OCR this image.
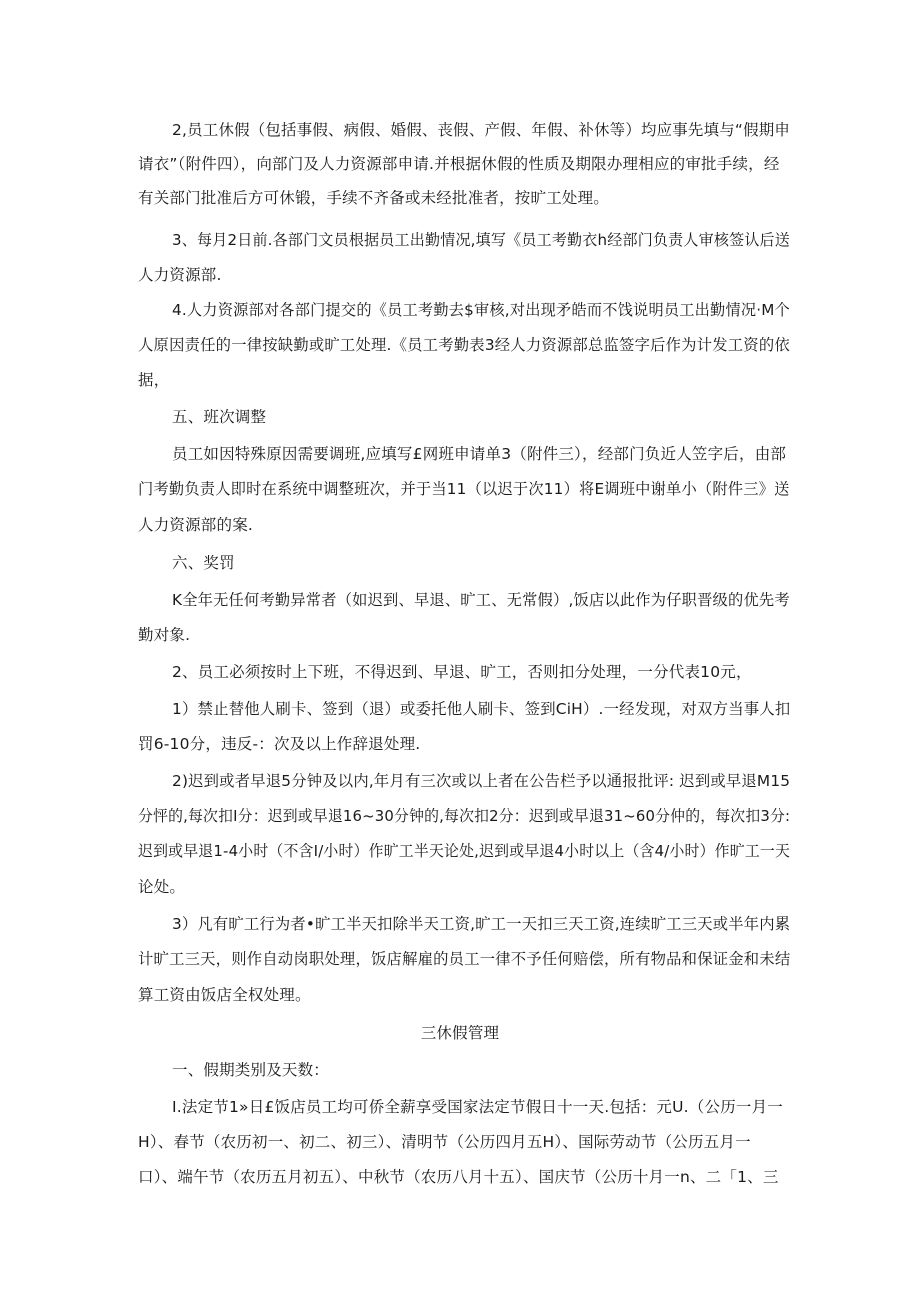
2,员工休假（包括事假、病假、婚假、丧假、产假、年假、补休等）均应事先填与“假期申
请衣”（附件四），向部门及人力资源部申请.并根据休假的性质及期限办理相应的审批手续，经
有关部门批准后方可休锻，手续不齐备或未经批准者，按旷工处理。
3、每月2日前.各部门文员根据员工出勤情况,填写《员工考勤衣h经部门负责人审核签认后送
人力资源部.
4.人力资源部对各部门提交的《员工考勤去$审核,对出现矛皓而不饯说明员工出勤情况·M个
人原因责任的一律按缺勤或旷工处理.《员工考勤表3经人力资源部总监签字后作为计发工资的依
据，
五、班次调整
员工如因特殊原因需要调班,应填写£网班申请单3（附件三），经部门负近人笠字后，由部
门考勤负责人即时在系统中调整班次，并于当11（以迟于次11）将E调班中谢单小（附件三》送
人力资源部的案.
六、奖罚
K全年无任何考勤异常者（如迟到、早退、旷工、无常假）,饭店以此作为仔职晋级的优先考
勤对象.
2、员工必须按时上下班，不得迟到、早退、旷工，否则扣分处理，一分代表10元，
1）禁止替他人刷卡、签到（退）或委托他人刷卡、签到CiH）.一经发现，对双方当事人扣
罚6-10分，违反-：次及以上作辞退处理.
2)迟到或者早退5分钟及以内,年月有三次或以上者在公告栏予以通报批评: 迟到或早退M15
分怦的,每次扣I分：迟到或早退16~30分钟的,每次扣2分：迟到或早退31~60分仲的，每次扣3分:
迟到或早退1-4小时（不含I/小时）作旷工半天论处,迟到或早退4小时以上（含4/小时）作旷工一天
论处。
3）凡有旷工行为者•旷工半天扣除半天工资,旷工一天扣三天工资,连续旷工三天或半年内累
计旷工三天，则作自动岗职处理，饭店解雇的员工一律不予任何赔偿，所有物品和保证金和未结
算工资由饭店全权处理。
三休假管理
一、假期类别及天数：
I.法定节1»日£饭店员工均可侨全薪享受国家法定节假日十一天.包括：元U.（公历一月一
H）、春节（农历初一、初二、初三）、清明节（公历四月五H）、国际劳动节（公历五月一
口）、端午节（农历五月初五）、中秋节（农历八月十五）、国庆节（公历十月一n、二「1、三
